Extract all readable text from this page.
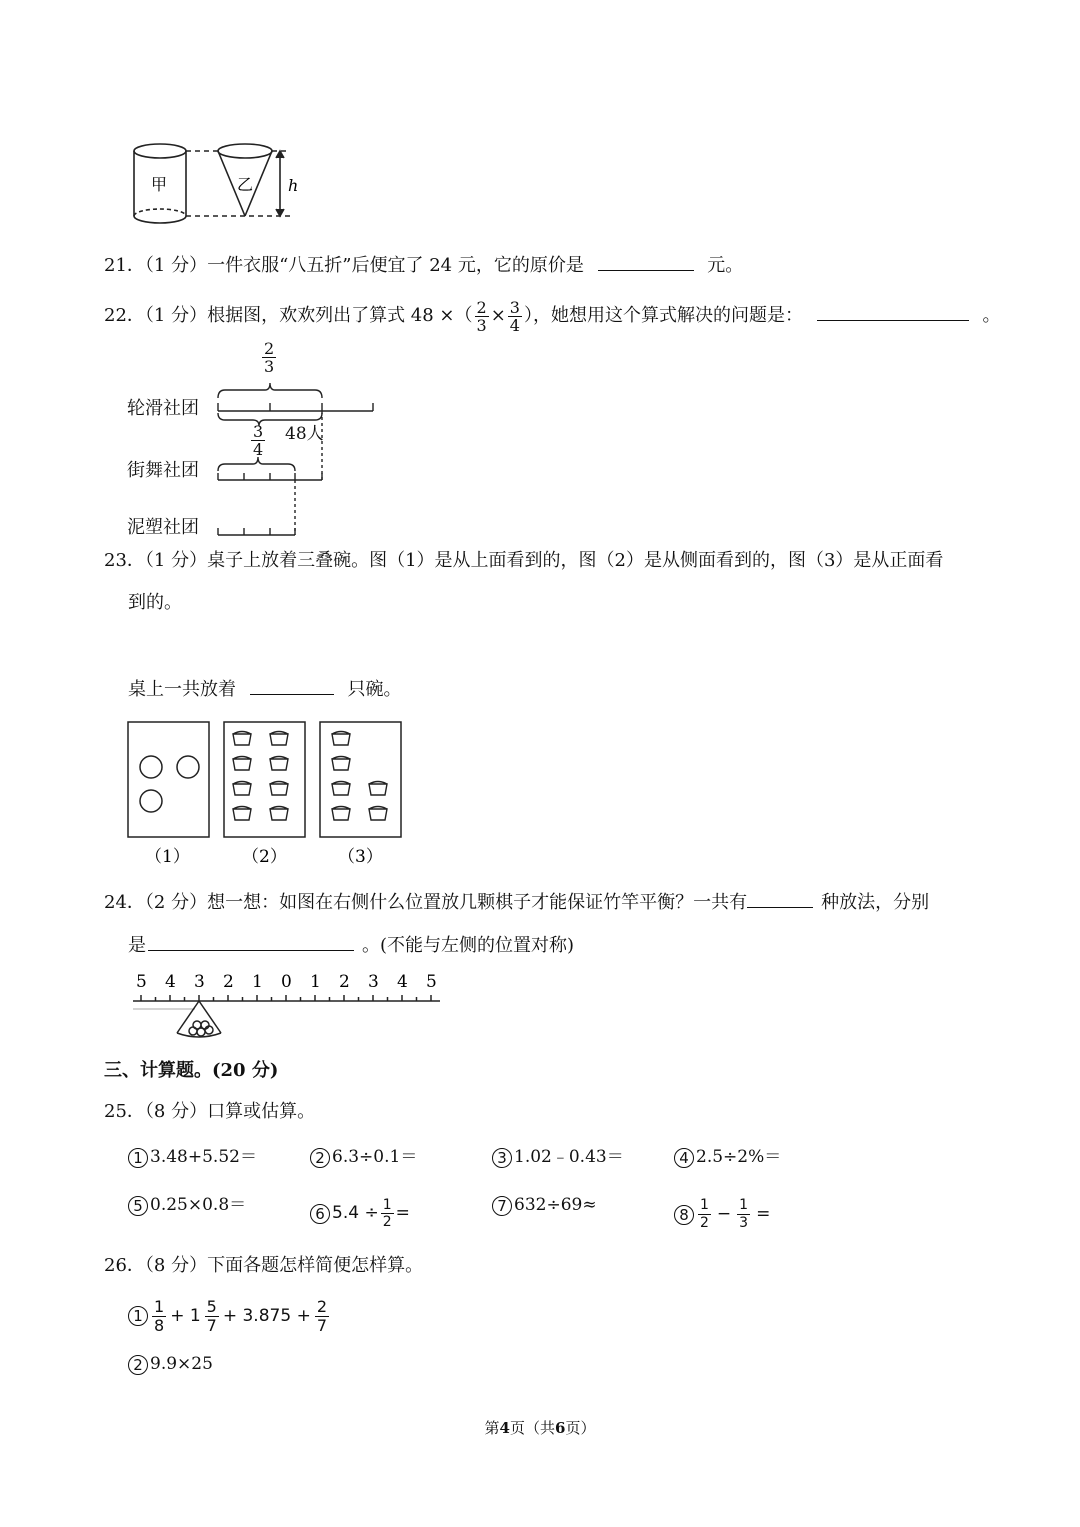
甲	乙 h
21．（1 分）一件衣服“八五折”后便宜了 24 元，它的原价是	元。
22．（1 分）根据图，欢欢列出了算式 48 ×（ $\frac{2}{3} \times \frac{3}{4}$ ），她想用这个算式解决的问题是：	。
$\frac{2}{3}$
轮滑社团
$\frac{3}{4} 48$人
街舞社团
泥塑社团
23．（1 分）桌子上放着三叠碗。图（1）是从上面看到的，图（2）是从侧面看到的，图（3）是从正面看
到的。
桌上一共放着	只碗。
（1）	（2）	（3）
24．（2 分）想一想：如图在右侧什么位置放几颗棋子才能保证竹竿平衡？一共有	种放法，分别
是	。(不能与左侧的位置对称)
5 4 3 2 1 0 1 2 3 4 5
三、计算题。(20 分)
25．（8 分）口算或估算。
1 3.48+5.52＝	2 6.3÷0.1＝	3 1.02﹣0.43＝	4 2.5÷2%＝
5 0.25×0.8＝	6 $5.4 \div \frac{1}{2}$ =	7 632÷69≈	$8 \frac{1}{2} - \frac{1}{3}$ =
26．（8 分）下面各题怎样简便怎样算。
$1 \frac{1}{8} + 1 \frac{5}{7} + 3.875 + \frac{2}{7}$
2 9.9×25
第4页（共6页）
